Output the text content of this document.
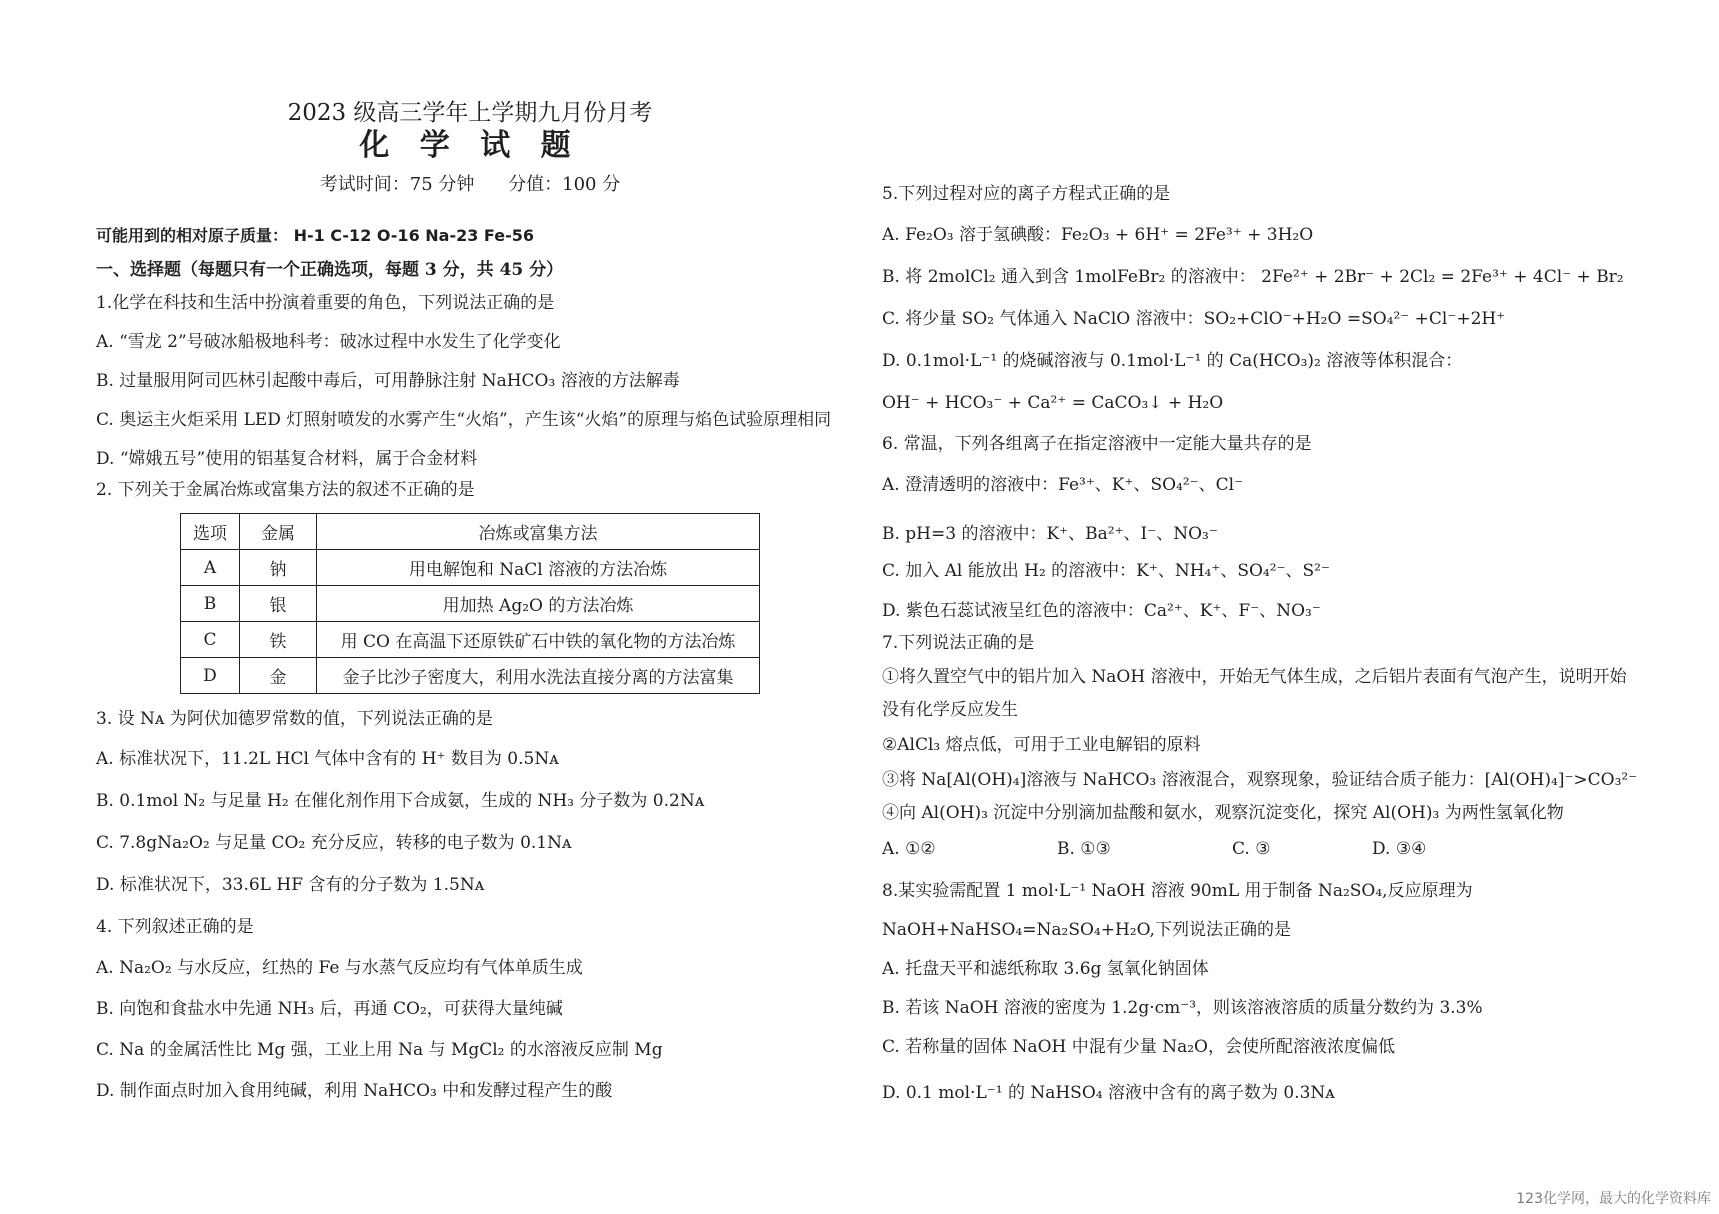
2023 级高三学年上学期九月份月考
化 学 试 题
考试时间：75 分钟 分值：100 分
可能用到的相对原子质量： H-1 C-12 O-16 Na-23 Fe-56
一、选择题（每题只有一个正确选项，每题 3 分，共 45 分）
1.化学在科技和生活中扮演着重要的角色，下列说法正确的是
A. “雪龙 2”号破冰船极地科考：破冰过程中水发生了化学变化
B. 过量服用阿司匹林引起酸中毒后，可用静脉注射 NaHCO₃ 溶液的方法解毒
C. 奥运主火炬采用 LED 灯照射喷发的水雾产生“火焰”，产生该“火焰”的原理与焰色试验原理相同
D. “嫦娥五号”使用的铝基复合材料，属于合金材料
2. 下列关于金属冶炼或富集方法的叙述不正确的是
选项	金属	冶炼或富集方法
A	钠	用电解饱和 NaCl 溶液的方法冶炼
B	银	用加热 Ag₂O 的方法冶炼
C	铁	用 CO 在高温下还原铁矿石中铁的氧化物的方法冶炼
D	金	金子比沙子密度大，利用水洗法直接分离的方法富集
3. 设 Nᴀ 为阿伏加德罗常数的值，下列说法正确的是
A. 标准状况下，11.2L HCl 气体中含有的 H⁺ 数目为 0.5Nᴀ
B. 0.1mol N₂ 与足量 H₂ 在催化剂作用下合成氨，生成的 NH₃ 分子数为 0.2Nᴀ
C. 7.8gNa₂O₂ 与足量 CO₂ 充分反应，转移的电子数为 0.1Nᴀ
D. 标准状况下，33.6L HF 含有的分子数为 1.5Nᴀ
4. 下列叙述正确的是
A. Na₂O₂ 与水反应，红热的 Fe 与水蒸气反应均有气体单质生成
B. 向饱和食盐水中先通 NH₃ 后，再通 CO₂，可获得大量纯碱
C. Na 的金属活性比 Mg 强，工业上用 Na 与 MgCl₂ 的水溶液反应制 Mg
D. 制作面点时加入食用纯碱，利用 NaHCO₃ 中和发酵过程产生的酸
5.下列过程对应的离子方程式正确的是
A. Fe₂O₃ 溶于氢碘酸：Fe₂O₃ + 6H⁺ = 2Fe³⁺ + 3H₂O
B. 将 2molCl₂ 通入到含 1molFeBr₂ 的溶液中： 2Fe²⁺ + 2Br⁻ + 2Cl₂ = 2Fe³⁺ + 4Cl⁻ + Br₂
C. 将少量 SO₂ 气体通入 NaClO 溶液中：SO₂+ClO⁻+H₂O =SO₄²⁻ +Cl⁻+2H⁺
D. 0.1mol·L⁻¹ 的烧碱溶液与 0.1mol·L⁻¹ 的 Ca(HCO₃)₂ 溶液等体积混合：
OH⁻ + HCO₃⁻ + Ca²⁺ = CaCO₃↓ + H₂O
6. 常温，下列各组离子在指定溶液中一定能大量共存的是
A. 澄清透明的溶液中：Fe³⁺、K⁺、SO₄²⁻、Cl⁻
B. pH=3 的溶液中：K⁺、Ba²⁺、I⁻、NO₃⁻
C. 加入 Al 能放出 H₂ 的溶液中：K⁺、NH₄⁺、SO₄²⁻、S²⁻
D. 紫色石蕊试液呈红色的溶液中：Ca²⁺、K⁺、F⁻、NO₃⁻
7.下列说法正确的是
①将久置空气中的铝片加入 NaOH 溶液中，开始无气体生成，之后铝片表面有气泡产生，说明开始
没有化学反应发生
②AlCl₃ 熔点低，可用于工业电解铝的原料
③将 Na[Al(OH)₄]溶液与 NaHCO₃ 溶液混合，观察现象，验证结合质子能力：[Al(OH)₄]⁻>CO₃²⁻
④向 Al(OH)₃ 沉淀中分别滴加盐酸和氨水，观察沉淀变化，探究 Al(OH)₃ 为两性氢氧化物
A. ①②	B. ①③	C. ③	D. ③④
8.某实验需配置 1 mol·L⁻¹ NaOH 溶液 90mL 用于制备 Na₂SO₄,反应原理为
NaOH+NaHSO₄=Na₂SO₄+H₂O,下列说法正确的是
A. 托盘天平和滤纸称取 3.6g 氢氧化钠固体
B. 若该 NaOH 溶液的密度为 1.2g·cm⁻³，则该溶液溶质的质量分数约为 3.3%
C. 若称量的固体 NaOH 中混有少量 Na₂O，会使所配溶液浓度偏低
D. 0.1 mol·L⁻¹ 的 NaHSO₄ 溶液中含有的离子数为 0.3Nᴀ
123化学网，最大的化学资料库
